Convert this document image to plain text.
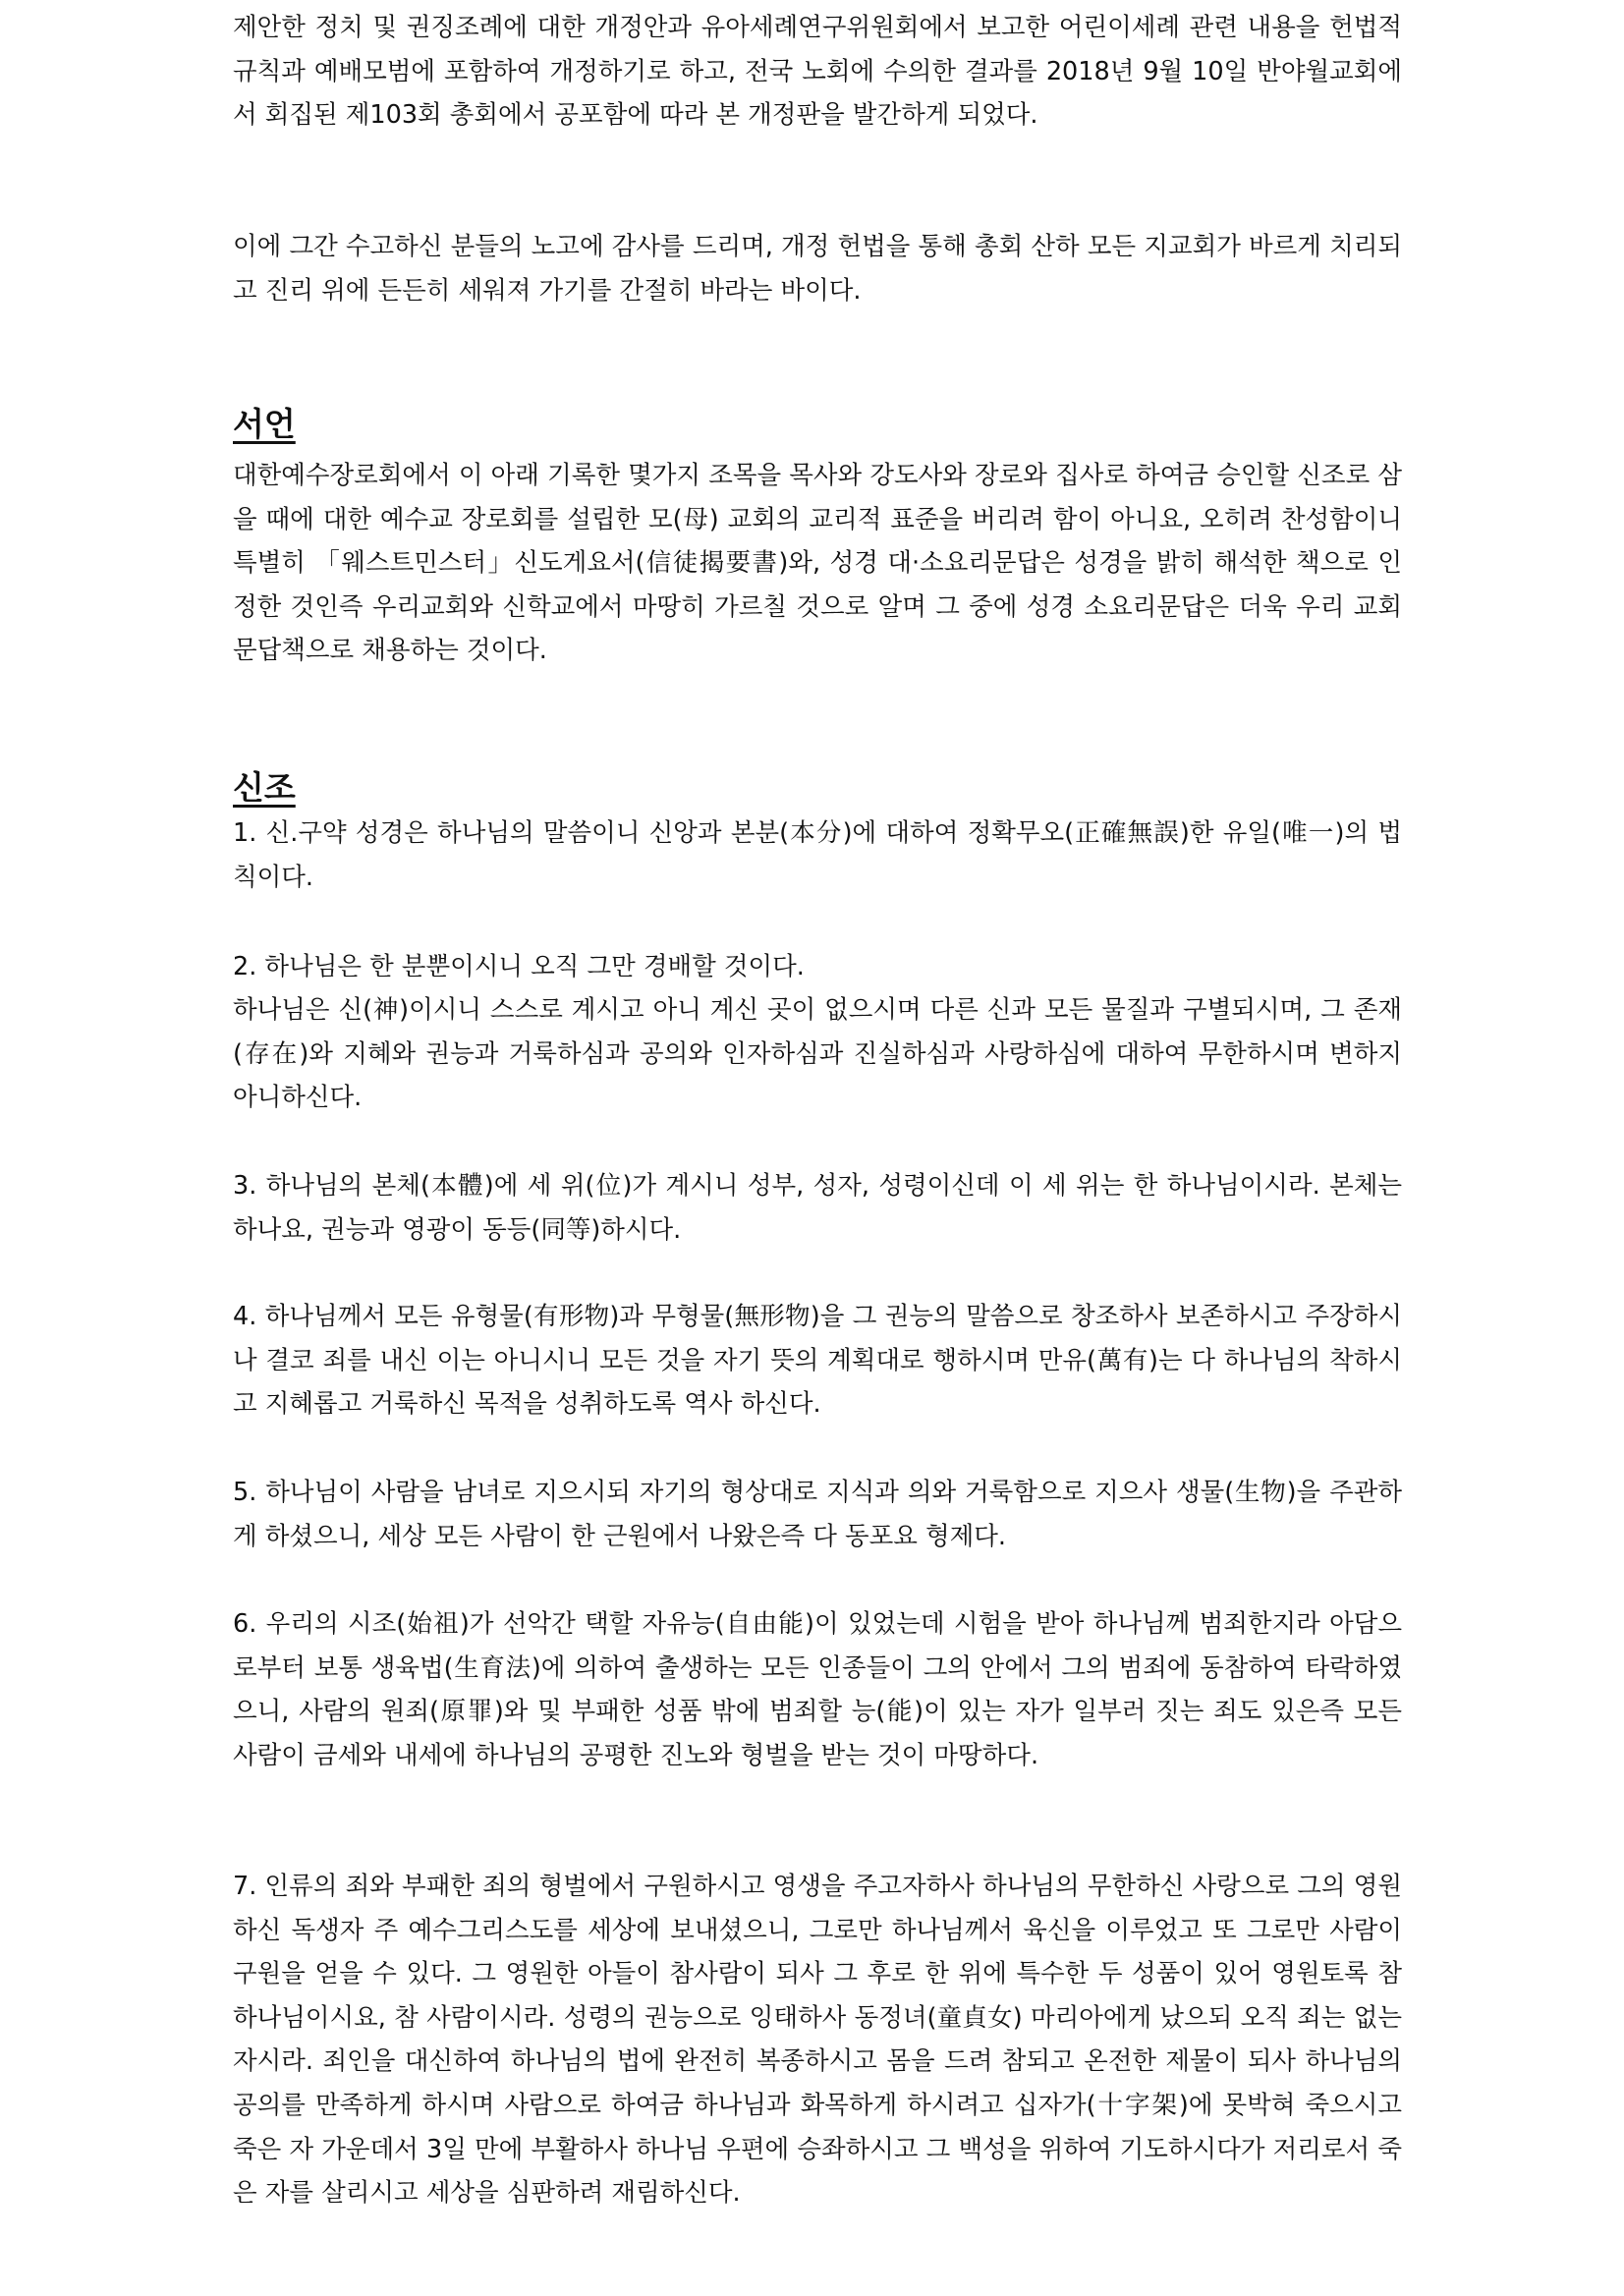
제안한 정치 및 권징조례에 대한 개정안과 유아세례연구위원회에서 보고한 어린이세례 관련 내용을 헌법적 규칙과 예배모범에 포함하여 개정하기로 하고, 전국 노회에 수의한 결과를 2018년 9월 10일 반야월교회에서 회집된 제103회 총회에서 공포함에 따라 본 개정판을 발간하게 되었다.

이에 그간 수고하신 분들의 노고에 감사를 드리며, 개정 헌법을 통해 총회 산하 모든 지교회가 바르게 치리되고 진리 위에 든든히 세워져 가기를 간절히 바라는 바이다.

서언

대한예수장로회에서 이 아래 기록한 몇가지 조목을 목사와 강도사와 장로와 집사로 하여금 승인할 신조로 삼을 때에 대한 예수교 장로회를 설립한 모(母) 교회의 교리적 표준을 버리려 함이 아니요, 오히려 찬성함이니 특별히 「웨스트민스터」신도게요서(信徒揭要書)와, 성경 대·소요리문답은 성경을 밝히 해석한 책으로 인정한 것인즉 우리교회와 신학교에서 마땅히 가르칠 것으로 알며 그 중에 성경 소요리문답은 더욱 우리 교회 문답책으로 채용하는 것이다.

신조

1. 신.구약 성경은 하나님의 말씀이니 신앙과 본분(本分)에 대하여 정확무오(正確無誤)한 유일(唯一)의 법칙이다.

2. 하나님은 한 분뿐이시니 오직 그만 경배할 것이다.

하나님은 신(神)이시니 스스로 계시고 아니 계신 곳이 없으시며 다른 신과 모든 물질과 구별되시며, 그 존재(存在)와 지혜와 권능과 거룩하심과 공의와 인자하심과 진실하심과 사랑하심에 대하여 무한하시며 변하지 아니하신다.

3. 하나님의 본체(本體)에 세 위(位)가 계시니 성부, 성자, 성령이신데 이 세 위는 한 하나님이시라. 본체는 하나요, 권능과 영광이 동등(同等)하시다.

4. 하나님께서 모든 유형물(有形物)과 무형물(無形物)을 그 권능의 말씀으로 창조하사 보존하시고 주장하시나 결코 죄를 내신 이는 아니시니 모든 것을 자기 뜻의 계획대로 행하시며 만유(萬有)는 다 하나님의 착하시고 지혜롭고 거룩하신 목적을 성취하도록 역사 하신다.

5. 하나님이 사람을 남녀로 지으시되 자기의 형상대로 지식과 의와 거룩함으로 지으사 생물(生物)을 주관하게 하셨으니, 세상 모든 사람이 한 근원에서 나왔은즉 다 동포요 형제다.

6. 우리의 시조(始祖)가 선악간 택할 자유능(自由能)이 있었는데 시험을 받아 하나님께 범죄한지라 아담으로부터 보통 생육법(生育法)에 의하여 출생하는 모든 인종들이 그의 안에서 그의 범죄에 동참하여 타락하였으니, 사람의 원죄(原罪)와 및 부패한 성품 밖에 범죄할 능(能)이 있는 자가 일부러 짓는 죄도 있은즉 모든 사람이 금세와 내세에 하나님의 공평한 진노와 형벌을 받는 것이 마땅하다.

7. 인류의 죄와 부패한 죄의 형벌에서 구원하시고 영생을 주고자하사 하나님의 무한하신 사랑으로 그의 영원하신 독생자 주 예수그리스도를 세상에 보내셨으니, 그로만 하나님께서 육신을 이루었고 또 그로만 사람이 구원을 얻을 수 있다. 그 영원한 아들이 참사람이 되사 그 후로 한 위에 특수한 두 성품이 있어 영원토록 참 하나님이시요, 참 사람이시라. 성령의 권능으로 잉태하사 동정녀(童貞女) 마리아에게 났으되 오직 죄는 없는 자시라. 죄인을 대신하여 하나님의 법에 완전히 복종하시고 몸을 드려 참되고 온전한 제물이 되사 하나님의 공의를 만족하게 하시며 사람으로 하여금 하나님과 화목하게 하시려고 십자가(十字架)에 못박혀 죽으시고 죽은 자 가운데서 3일 만에 부활하사 하나님 우편에 승좌하시고 그 백성을 위하여 기도하시다가 저리로서 죽은 자를 살리시고 세상을 심판하려 재림하신다.
